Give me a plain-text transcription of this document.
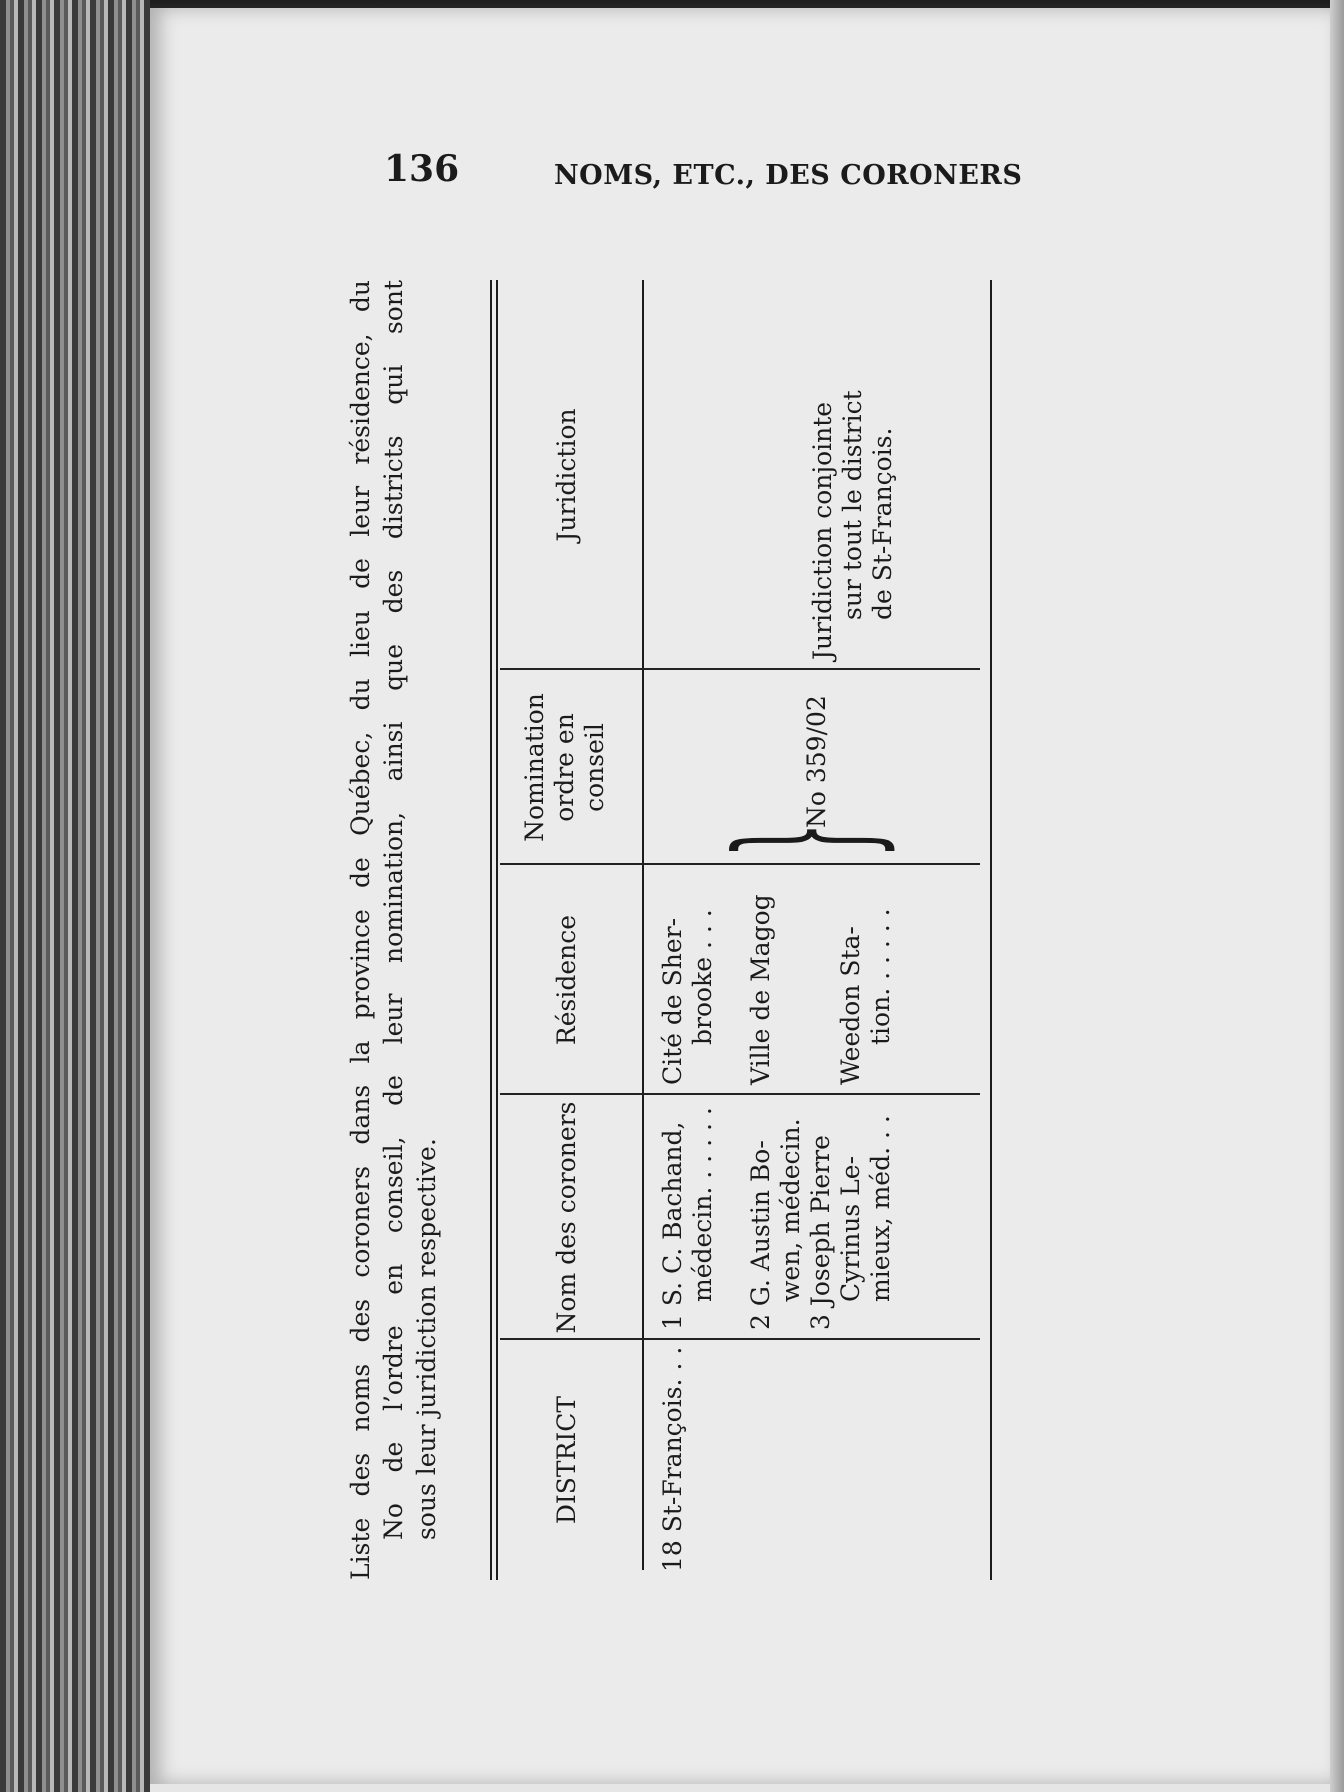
136	NOMS, ETC., DES CORONERS
Liste des noms des coroners dans la province de Québec, du lieu de leur résidence, du No de l’ordre en conseil, de leur nomination, ainsi que des districts qui sont sous leur juridiction respective.	DISTRICT
Nom des coroners
Résidence
Nomination ordre en conseil
Juridiction
18 St-François. . .
1 S. C. Bachand, médecin. . . . . . 2 G. Austin Bo- wen, médecin. 3 Joseph Pierre Cyrinus Le- mieux, méd. . .
Cité de Sher- brooke . . . Ville de Magog Weedon Sta- tion. . . . . .
}
No 359/02
Juridiction conjointe sur tout le district de St-François.
